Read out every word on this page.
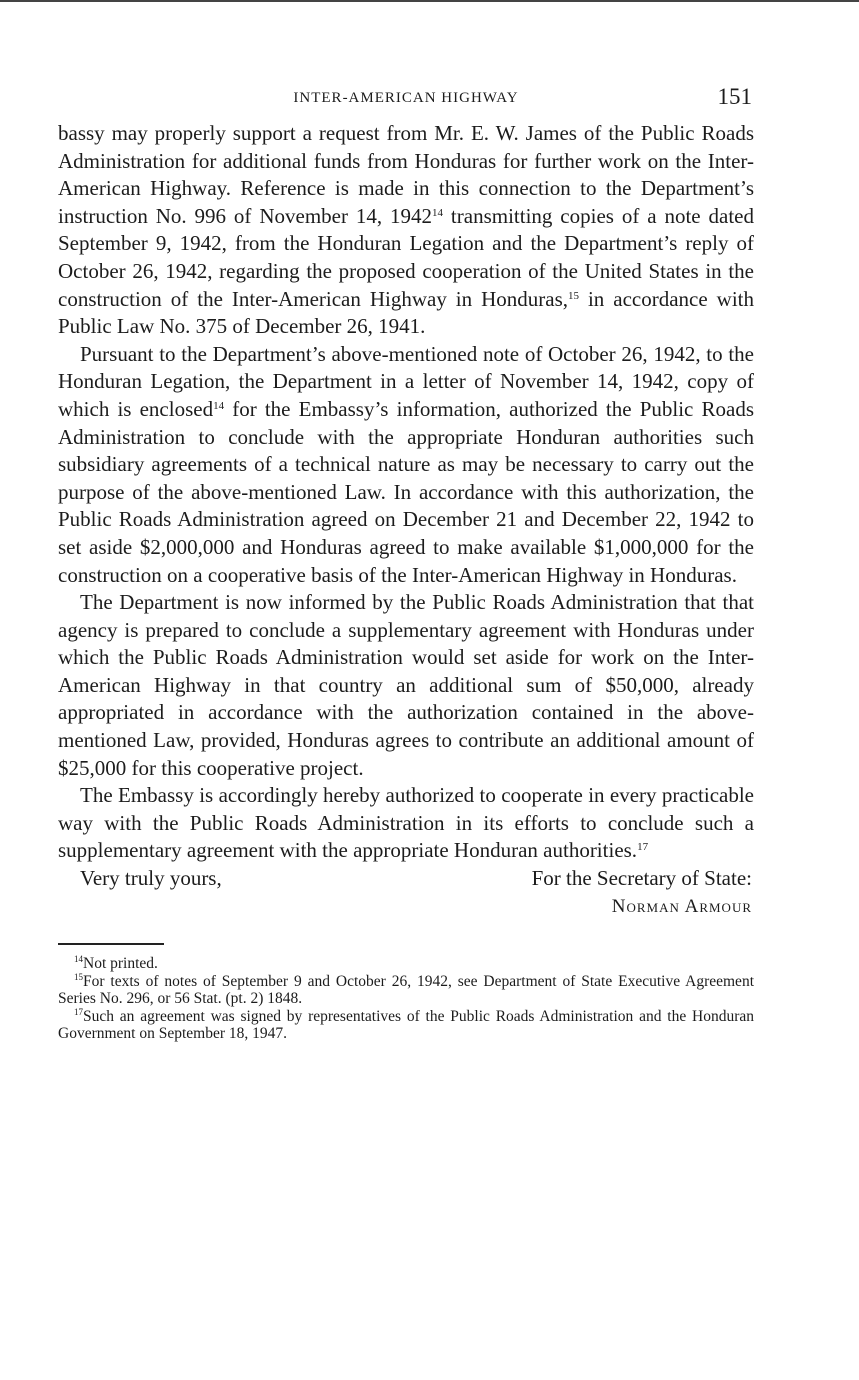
INTER-AMERICAN HIGHWAY	151

bassy may properly support a request from Mr. E. W. James of the Public Roads Administration for additional funds from Honduras for further work on the Inter-American Highway. Reference is made in this connection to the Department’s instruction No. 996 of November 14, 1942$^{14}$ transmitting copies of a note dated September 9, 1942, from the Honduran Legation and the Department’s reply of October 26, 1942, regarding the proposed cooperation of the United States in the construction of the Inter-American Highway in Honduras,$^{15}$ in accordance with Public Law No. 375 of December 26, 1941.

Pursuant to the Department’s above-mentioned note of October 26, 1942, to the Honduran Legation, the Department in a letter of November 14, 1942, copy of which is enclosed$^{14}$ for the Embassy’s information, authorized the Public Roads Administration to conclude with the appropriate Honduran authorities such subsidiary agreements of a technical nature as may be necessary to carry out the purpose of the above-mentioned Law. In accordance with this authorization, the Public Roads Administration agreed on December 21 and December 22, 1942 to set aside $2,000,000 and Honduras agreed to make available $1,000,000 for the construction on a cooperative basis of the Inter-American Highway in Honduras.

The Department is now informed by the Public Roads Administration that that agency is prepared to conclude a supplementary agreement with Honduras under which the Public Roads Administration would set aside for work on the Inter-American Highway in that country an additional sum of $50,000, already appropriated in accordance with the authorization contained in the above-mentioned Law, provided, Honduras agrees to contribute an additional amount of $25,000 for this cooperative project.

The Embassy is accordingly hereby authorized to cooperate in every practicable way with the Public Roads Administration in its efforts to conclude such a supplementary agreement with the appropriate Honduran authorities.$^{17}$

Very truly yours,	For the Secretary of State:
Norman Armour

$^{14}$Not printed.

$^{15}$For texts of notes of September 9 and October 26, 1942, see Department of State Executive Agreement Series No. 296, or 56 Stat. (pt. 2) 1848.

$^{17}$Such an agreement was signed by representatives of the Public Roads Administration and the Honduran Government on September 18, 1947.
